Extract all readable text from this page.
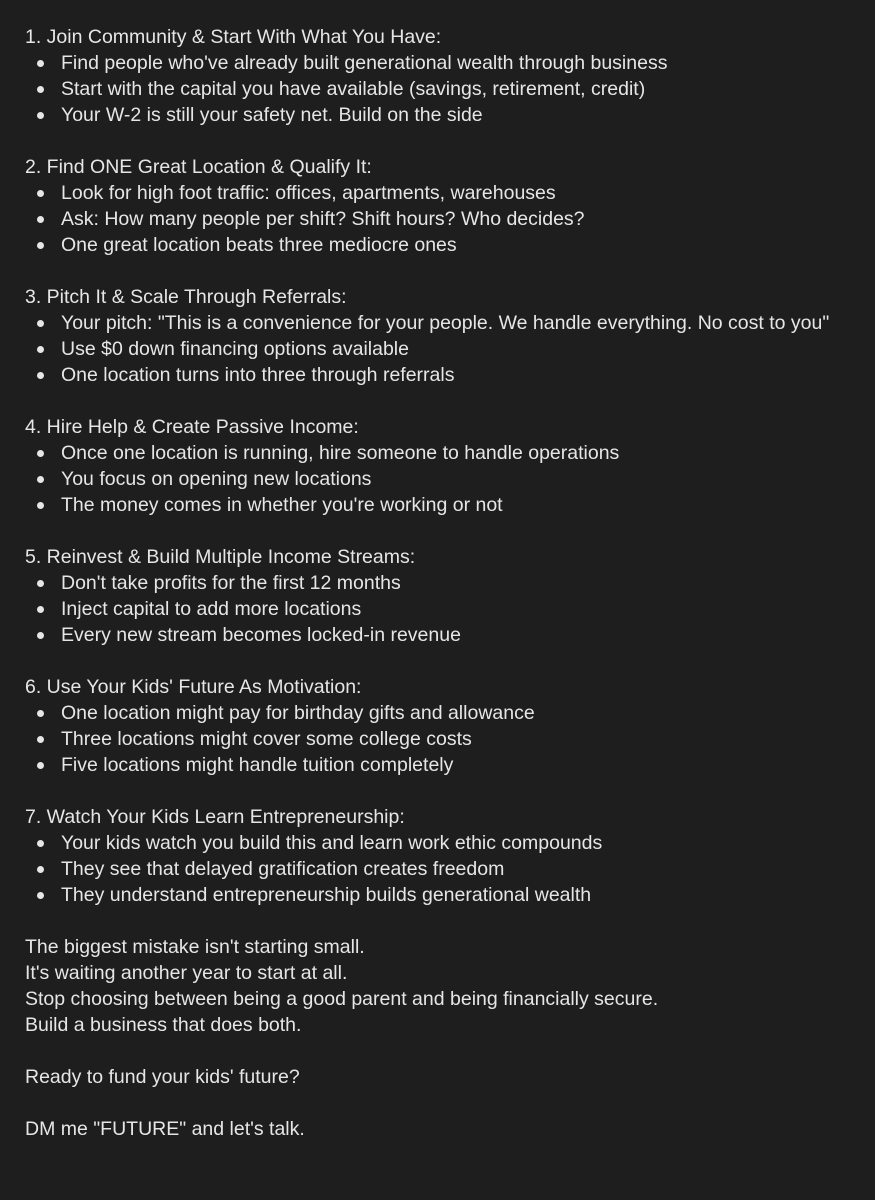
1. Join Community & Start With What You Have:
Find people who've already built generational wealth through business
Start with the capital you have available (savings, retirement, credit)
Your W-2 is still your safety net. Build on the side
2. Find ONE Great Location & Qualify It:
Look for high foot traffic: offices, apartments, warehouses
Ask: How many people per shift? Shift hours? Who decides?
One great location beats three mediocre ones
3. Pitch It & Scale Through Referrals:
Your pitch: "This is a convenience for your people. We handle everything. No cost to you"
Use $0 down financing options available
One location turns into three through referrals
4. Hire Help & Create Passive Income:
Once one location is running, hire someone to handle operations
You focus on opening new locations
The money comes in whether you're working or not
5. Reinvest & Build Multiple Income Streams:
Don't take profits for the first 12 months
Inject capital to add more locations
Every new stream becomes locked-in revenue
6. Use Your Kids' Future As Motivation:
One location might pay for birthday gifts and allowance
Three locations might cover some college costs
Five locations might handle tuition completely
7. Watch Your Kids Learn Entrepreneurship:
Your kids watch you build this and learn work ethic compounds
They see that delayed gratification creates freedom
They understand entrepreneurship builds generational wealth

The biggest mistake isn't starting small.

It's waiting another year to start at all.

Stop choosing between being a good parent and being financially secure.

Build a business that does both.

Ready to fund your kids' future?

DM me "FUTURE" and let's talk.
